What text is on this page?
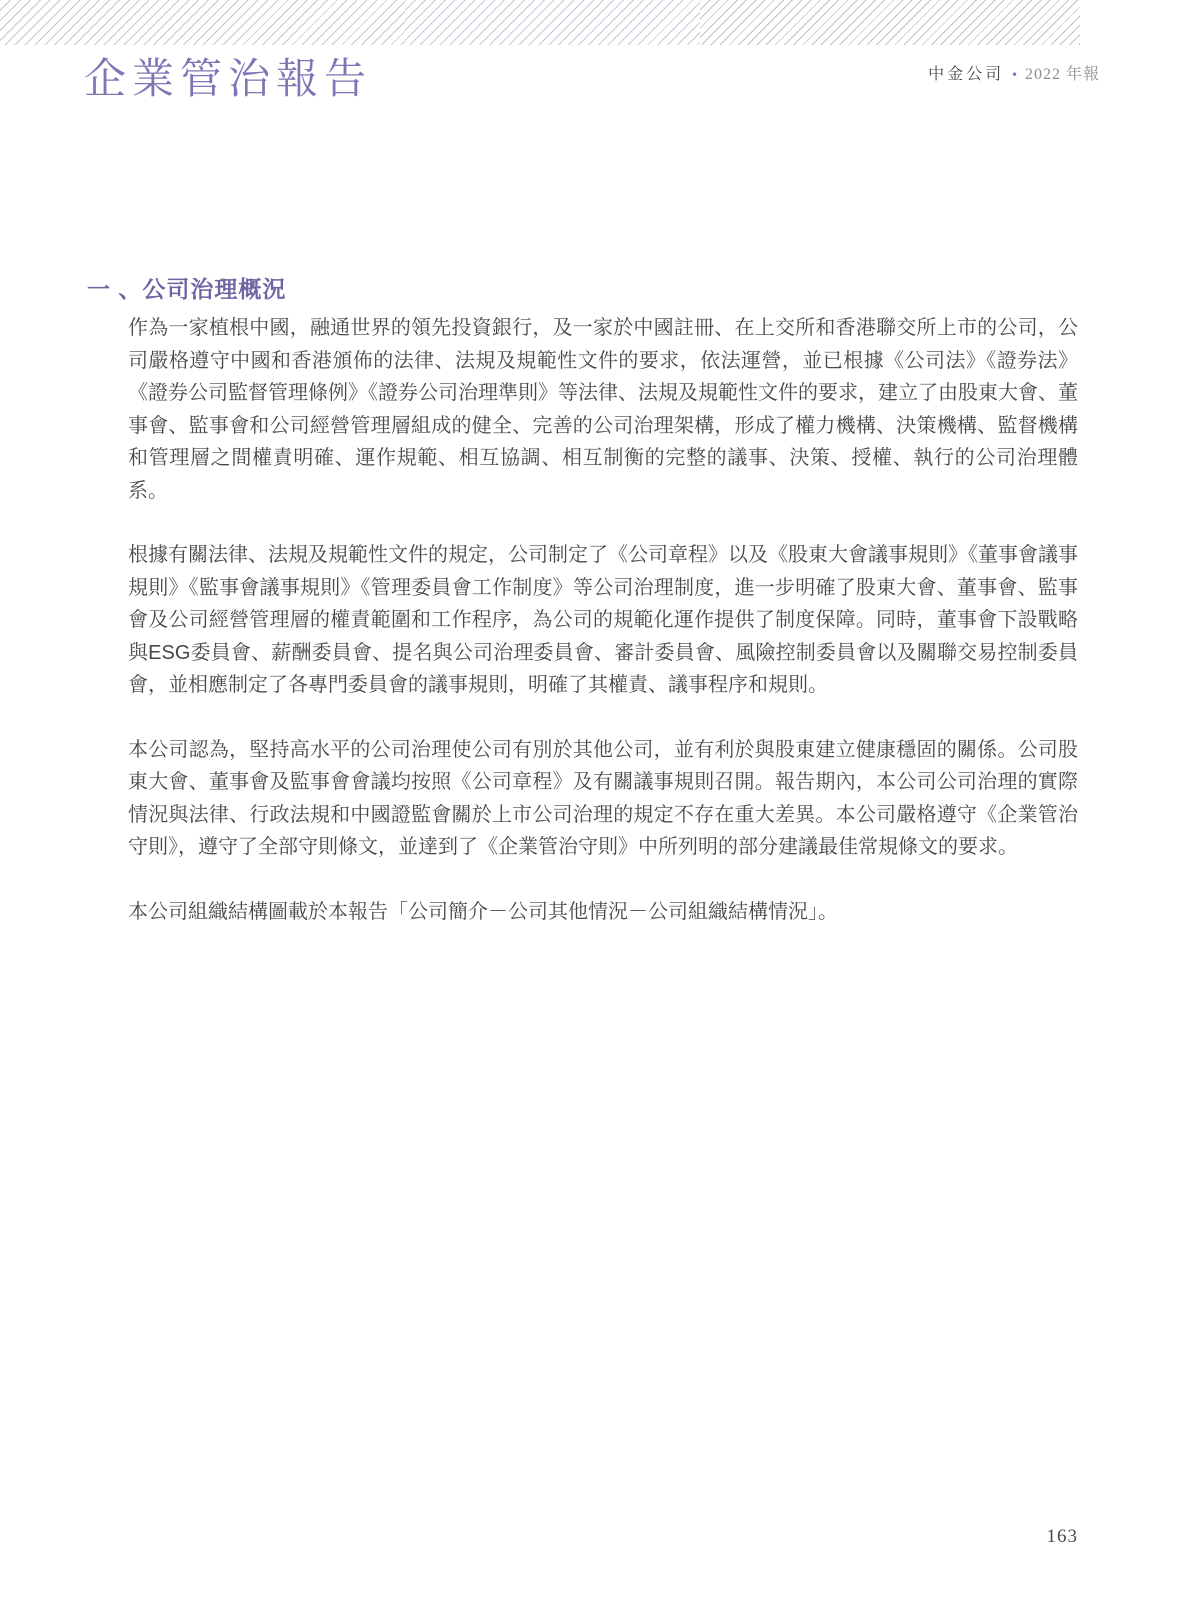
企業管治報告	中金公司 • 2022 年報
一 、公司治理概況

作為一家植根中國，融通世界的領先投資銀行，及一家於中國註冊、在上交所和香港聯交所上市的公司，公司嚴格遵守中國和香港頒佈的法律、法規及規範性文件的要求，依法運營，並已根據《公司法》《證券法》《證券公司監督管理條例》《證券公司治理準則》等法律、法規及規範性文件的要求，建立了由股東大會、董事會、監事會和公司經營管理層組成的健全、完善的公司治理架構，形成了權力機構、決策機構、監督機構和管理層之間權責明確、運作規範、相互協調、相互制衡的完整的議事、決策、授權、執行的公司治理體系。

根據有關法律、法規及規範性文件的規定，公司制定了《公司章程》以及《股東大會議事規則》《董事會議事規則》《監事會議事規則》《管理委員會工作制度》等公司治理制度，進一步明確了股東大會、董事會、監事會及公司經營管理層的權責範圍和工作程序，為公司的規範化運作提供了制度保障。同時，董事會下設戰略與ESG委員會、薪酬委員會、提名與公司治理委員會、審計委員會、風險控制委員會以及關聯交易控制委員會，並相應制定了各專門委員會的議事規則，明確了其權責、議事程序和規則。

本公司認為，堅持高水平的公司治理使公司有別於其他公司，並有利於與股東建立健康穩固的關係。公司股東大會、董事會及監事會會議均按照《公司章程》及有關議事規則召開。報告期內，本公司公司治理的實際情況與法律、行政法規和中國證監會關於上市公司治理的規定不存在重大差異。本公司嚴格遵守《企業管治守則》，遵守了全部守則條文，並達到了《企業管治守則》中所列明的部分建議最佳常規條文的要求。

本公司組織結構圖載於本報告「公司簡介－公司其他情況－公司組織結構情況」。

163
